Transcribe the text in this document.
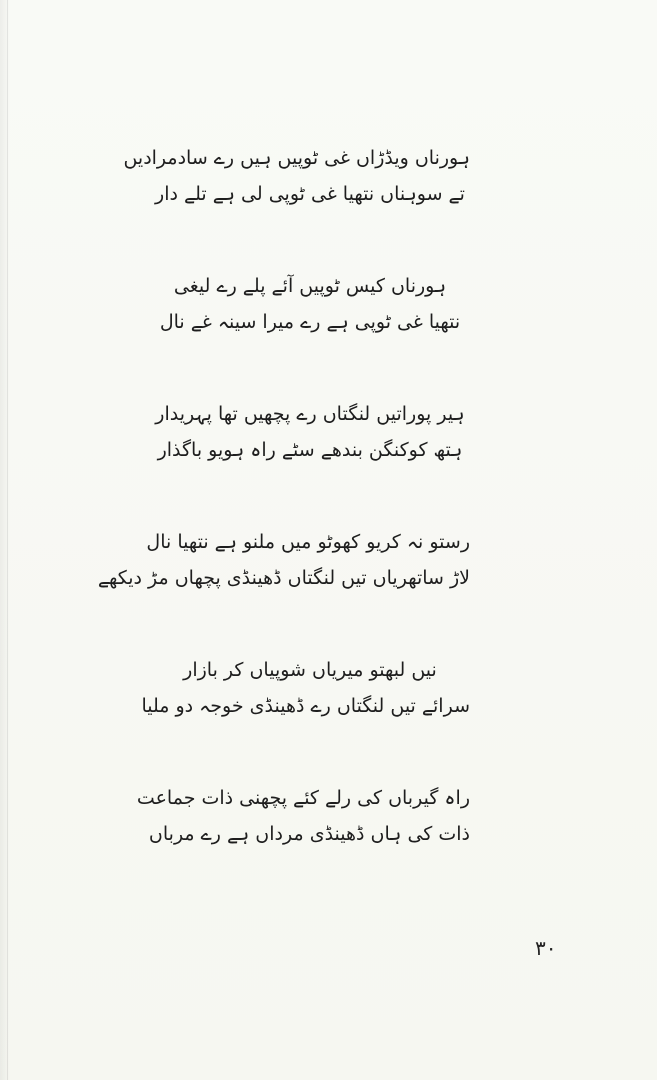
ہورناں ویڈڑاں غی ٹوپیں ہیں رے سادمرادیں
تے سوہناں نتھیا غی ٹوپی لی ہے تلے دار
ہورناں کیس ٹوپیں آئے پلے رے لیغی
نتھیا غی ٹوپی ہے رے میرا سینہ غے نال
ہیر پوراتیں لنگتاں رے پچھیں تھا پہریدار
ہتھ کوکنگن بندھے سٹے راہ ہویو باگذار
رستو نہ کریو کھوٹو میں ملنو ہے نتھیا نال
لاڑ ساتھریاں تیں لنگتاں ڈھینڈی پچھاں مڑ دیکھے
نیں لبھتو میریاں شوپیاں کر بازار
سرائے تیں لنگتاں رے ڈھینڈی خوجہ دو ملیا
راہ گیرباں کی رلے کئے پچھنی ذات جماعت
ذات کی ہاں ڈھینڈی مرداں ہے رے مرباں
۳۰
